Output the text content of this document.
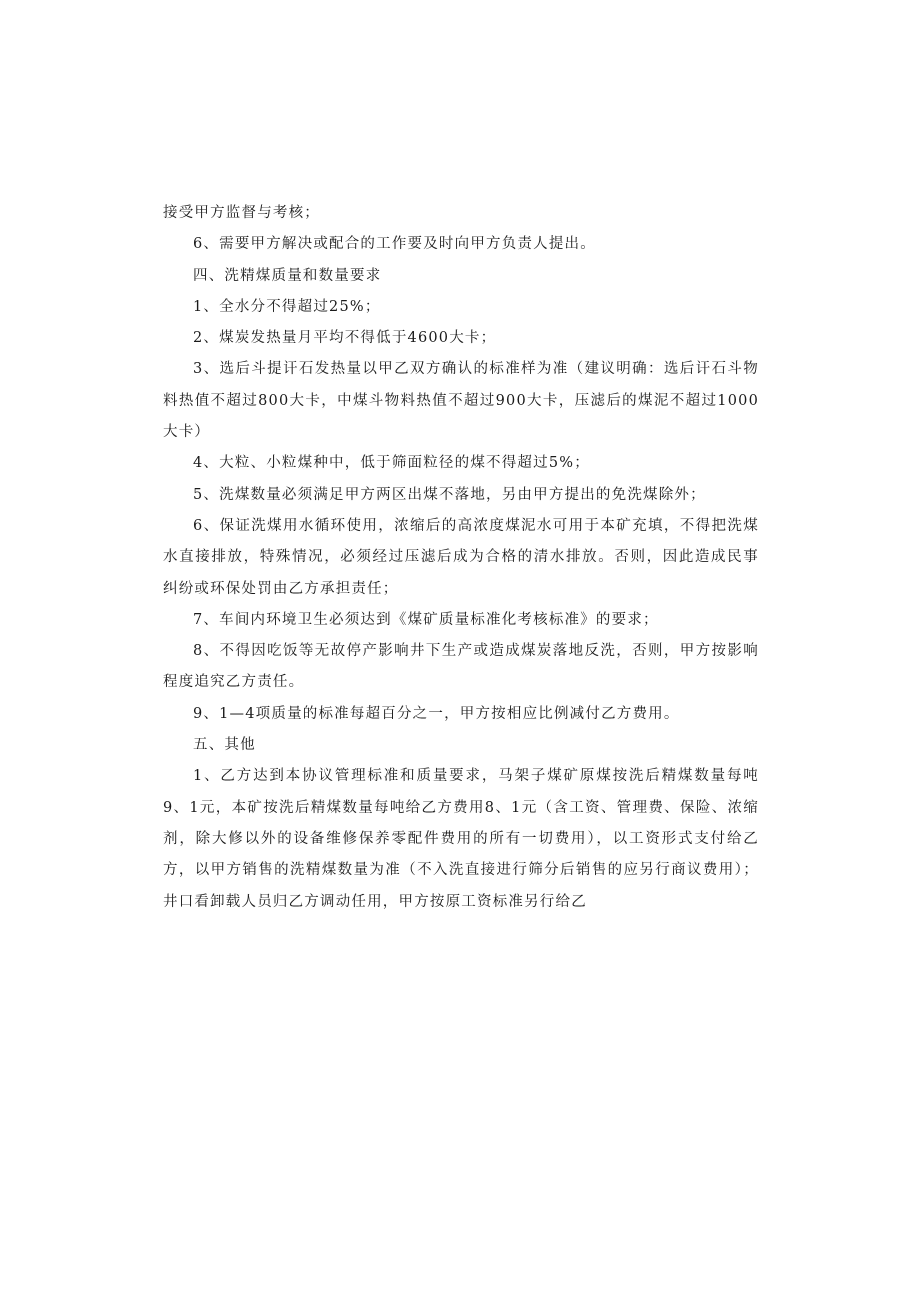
接受甲方监督与考核；

6、需要甲方解决或配合的工作要及时向甲方负责人提出。

四、洗精煤质量和数量要求

1、全水分不得超过25%；

2、煤炭发热量月平均不得低于4600大卡；

3、选后斗提讦石发热量以甲乙双方确认的标准样为准（建议明确：选后讦石斗物料热值不超过800大卡，中煤斗物料热值不超过900大卡，压滤后的煤泥不超过1000大卡）

4、大粒、小粒煤种中，低于筛面粒径的煤不得超过5%；

5、洗煤数量必须满足甲方两区出煤不落地，另由甲方提出的免洗煤除外；

6、保证洗煤用水循环使用，浓缩后的高浓度煤泥水可用于本矿充填，不得把洗煤水直接排放，特殊情况，必须经过压滤后成为合格的清水排放。否则，因此造成民事纠纷或环保处罚由乙方承担责任；

7、车间内环境卫生必须达到《煤矿质量标准化考核标准》的要求；

8、不得因吃饭等无故停产影响井下生产或造成煤炭落地反洗，否则，甲方按影响程度追究乙方责任。

9、1—4项质量的标准每超百分之一，甲方按相应比例减付乙方费用。

五、其他

1、乙方达到本协议管理标准和质量要求，马架子煤矿原煤按洗后精煤数量每吨9、1元，本矿按洗后精煤数量每吨给乙方费用8、1元（含工资、管理费、保险、浓缩剂，除大修以外的设备维修保养零配件费用的所有一切费用），以工资形式支付给乙方，以甲方销售的洗精煤数量为准（不入洗直接进行筛分后销售的应另行商议费用）；井口看卸载人员归乙方调动任用，甲方按原工资标准另行给乙
